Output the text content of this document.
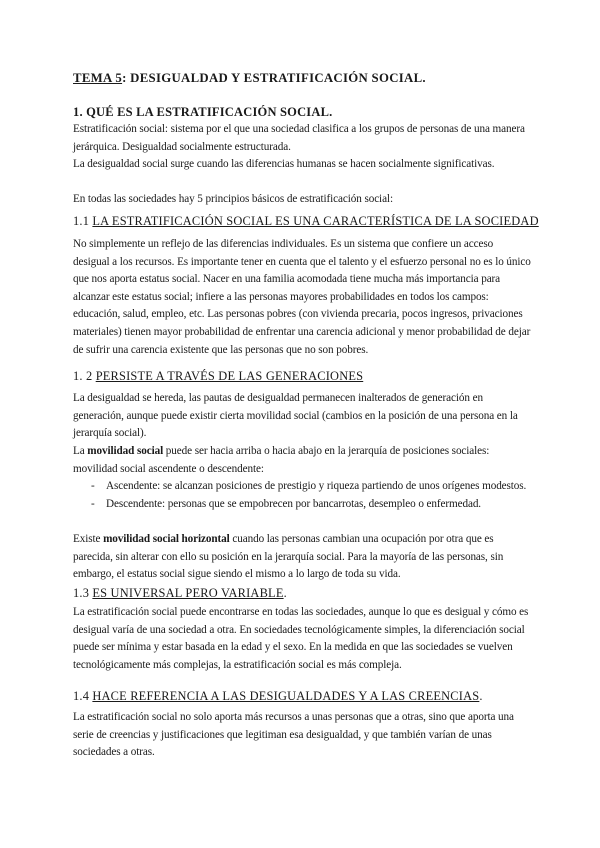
TEMA 5: DESIGUALDAD Y ESTRATIFICACIÓN SOCIAL.
1. QUÉ ES LA ESTRATIFICACIÓN SOCIAL.

Estratificación social: sistema por el que una sociedad clasifica a los grupos de personas de una manera jerárquica. Desigualdad socialmente estructurada.

La desigualdad social surge cuando las diferencias humanas se hacen socialmente significativas.

En todas las sociedades hay 5 principios básicos de estratificación social:

1.1 LA ESTRATIFICACIÓN SOCIAL ES UNA CARACTERÍSTICA DE LA SOCIEDAD

No simplemente un reflejo de las diferencias individuales. Es un sistema que confiere un acceso desigual a los recursos. Es importante tener en cuenta que el talento y el esfuerzo personal no es lo único que nos aporta estatus social. Nacer en una familia acomodada tiene mucha más importancia para alcanzar este estatus social; infiere a las personas mayores probabilidades en todos los campos: educación, salud, empleo, etc. Las personas pobres (con vivienda precaria, pocos ingresos, privaciones materiales) tienen mayor probabilidad de enfrentar una carencia adicional y menor probabilidad de dejar de sufrir una carencia existente que las personas que no son pobres.

1. 2 PERSISTE A TRAVÉS DE LAS GENERACIONES

La desigualdad se hereda, las pautas de desigualdad permanecen inalterados de generación en generación, aunque puede existir cierta movilidad social (cambios en la posición de una persona en la jerarquía social).

La movilidad social puede ser hacia arriba o hacia abajo en la jerarquía de posiciones sociales: movilidad social ascendente o descendente:

- Ascendente: se alcanzan posiciones de prestigio y riqueza partiendo de unos orígenes modestos.
- Descendente: personas que se empobrecen por bancarrotas, desempleo o enfermedad.

Existe movilidad social horizontal cuando las personas cambian una ocupación por otra que es parecida, sin alterar con ello su posición en la jerarquía social. Para la mayoría de las personas, sin embargo, el estatus social sigue siendo el mismo a lo largo de toda su vida.

1.3 ES UNIVERSAL PERO VARIABLE.

La estratificación social puede encontrarse en todas las sociedades, aunque lo que es desigual y cómo es desigual varía de una sociedad a otra. En sociedades tecnológicamente simples, la diferenciación social puede ser mínima y estar basada en la edad y el sexo. En la medida en que las sociedades se vuelven tecnológicamente más complejas, la estratificación social es más compleja.

1.4 HACE REFERENCIA A LAS DESIGUALDADES Y A LAS CREENCIAS.

La estratificación social no solo aporta más recursos a unas personas que a otras, sino que aporta una serie de creencias y justificaciones que legitiman esa desigualdad, y que también varían de unas sociedades a otras.
